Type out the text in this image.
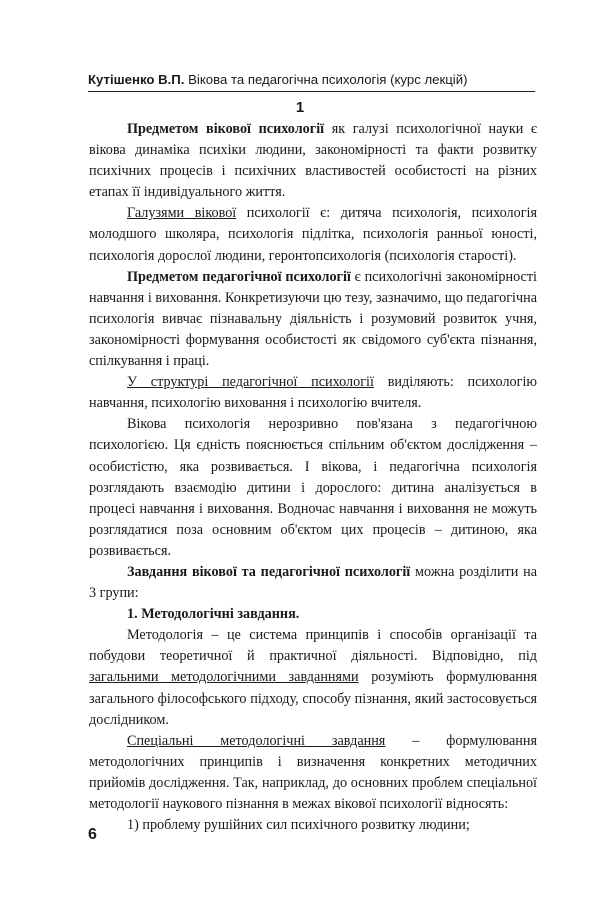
Кутішенко В.П. Вікова та педагогічна психологія (курс лекцій)
1

Предметом вікової психології як галузі психологічної науки є вікова динаміка психіки людини, закономірності та факти розвитку психічних процесів і психічних властивостей особистості на різних етапах її індивідуального життя.

Галузями вікової психології є: дитяча психологія, психологія молодшого школяра, психологія підлітка, психологія ранньої юності, психологія дорослої людини, геронтопсихологія (психологія старості).

Предметом педагогічної психології є психологічні закономірності навчання і виховання. Конкретизуючи цю тезу, зазначимо, що педагогічна психологія вивчає пізнавальну діяльність і розумовий розвиток учня, закономірності формування особистості як свідомого суб'єкта пізнання, спілкування і праці.

У структурі педагогічної психології виділяють: психологію навчання, психологію виховання і психологію вчителя.

Вікова психологія нерозривно пов'язана з педагогічною психологією. Ця єдність пояснюється спільним об'єктом дослідження – особистістю, яка розвивається. І вікова, і педагогічна психологія розглядають взаємодію дитини і дорослого: дитина аналізується в процесі навчання і виховання. Водночас навчання і виховання не можуть розглядатися поза основним об'єктом цих процесів – дитиною, яка розвивається.

Завдання вікової та педагогічної психології можна розділити на 3 групи:

1. Методологічні завдання.

Методологія – це система принципів і способів організації та побудови теоретичної й практичної діяльності. Відповідно, під загальними методологічними завданнями розуміють формулювання загального філософського підходу, способу пізнання, який застосовується дослідником.

Спеціальні методологічні завдання – формулювання методологічних принципів і визначення конкретних методичних прийомів дослідження. Так, наприклад, до основних проблем спеціальної методології наукового пізнання в межах вікової психології відносять:

1) проблему рушійних сил психічного розвитку людини;

6
